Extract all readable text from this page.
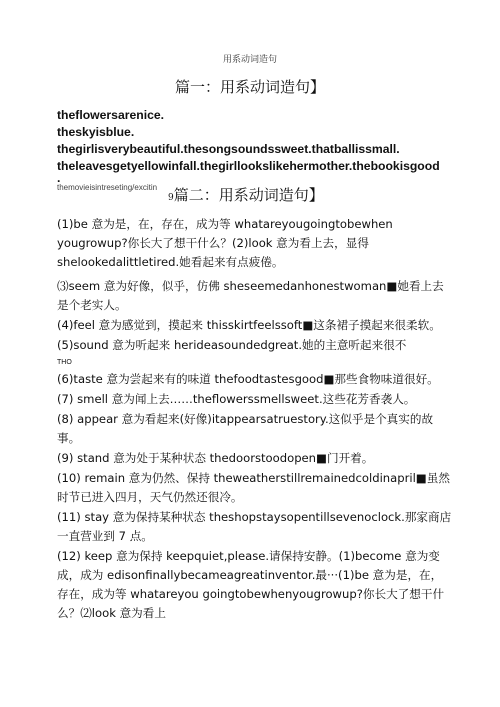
用系动词造句
篇一：用系动词造句】

theflowersarenice.

theskyisblue.

thegirlisverybeautiful.thesongsoundssweet.thatballissmall.

theleavesgetyellowinfall.thegirllookslikehermother.thebookisgood

.

themovieisintreseting/excitin
9篇二：用系动词造句】

(1)be 意为是，在，存在，成为等 whatareyougoingtobewhen yougrowup?你长大了想干什么？(2)look 意为看上去，显得 shelookedalittletired.她看起来有点疲倦。

⑶seem 意为好像，似乎，仿佛 sheseemedanhonestwoman■她看上去是个老实人。

(4)feel 意为感觉到，摸起来 thisskirtfeelssoft■这条裙子摸起来很柔软。

(5)sound 意为听起来 herideasoundedgreat.她的主意听起来很不

THO

(6)taste 意为尝起来有的味道 thefoodtastesgood■那些食物味道很好。

(7) smell 意为闻上去……theflowerssmellsweet.这些花芳香袭人。

(8) appear 意为看起来(好像)itappearsatruestory.这似乎是个真实的故事。

(9) stand 意为处于某种状态 thedoorstoodopen■门开着。

(10) remain 意为仍然、保持 theweatherstillremainedcoldinapril■虽然时节已进入四月，天气仍然还很冷。

(11) stay 意为保持某种状态 theshopstaysopentillsevenoclock.那家商店一直营业到 7 点。

(12) keep 意为保持 keepquiet,please.请保持安静。(1)become 意为变成，成为 edisonfinallybecameagreatinventor.最···(1)be 意为是，在，存在，成为等 whatareyou goingtobewhenyougrowup?你长大了想干什么？⑵look 意为看上
